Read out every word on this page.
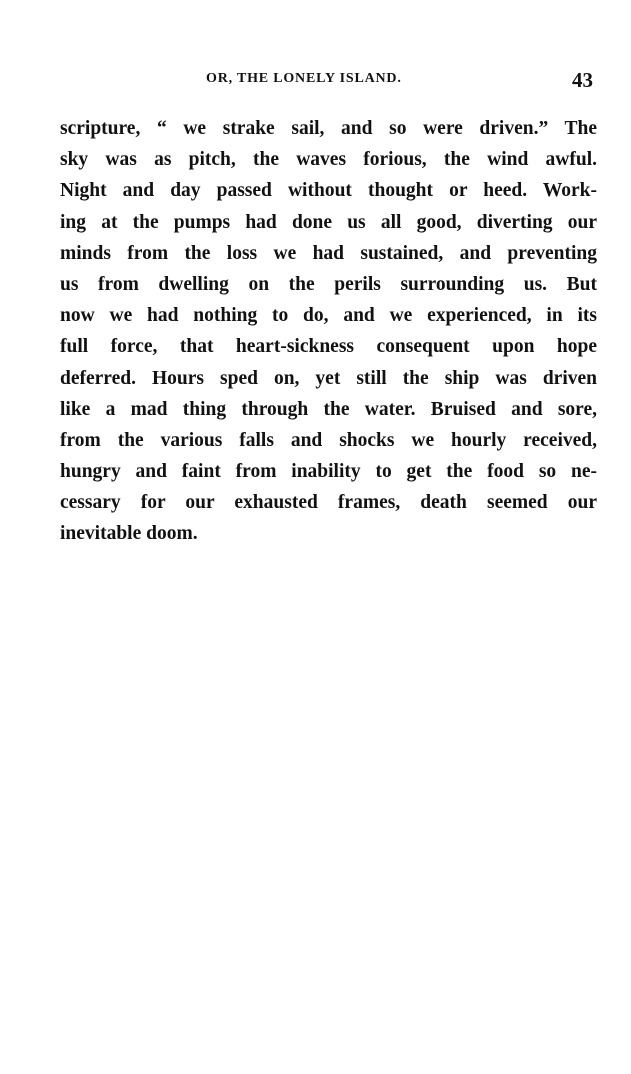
OR, THE LONELY ISLAND.	43
scripture, “ we strake sail, and so were driven.” The
sky was as pitch, the waves forious, the wind awful.
Night and day passed without thought or heed. Work-
ing at the pumps had done us all good, diverting our
minds from the loss we had sustained, and preventing
us from dwelling on the perils surrounding us. But
now we had nothing to do, and we experienced, in its
full force, that heart-sickness consequent upon hope
deferred. Hours sped on, yet still the ship was driven
like a mad thing through the water. Bruised and sore,
from the various falls and shocks we hourly received,
hungry and faint from inability to get the food so ne-
cessary for our exhausted frames, death seemed our
inevitable doom.
